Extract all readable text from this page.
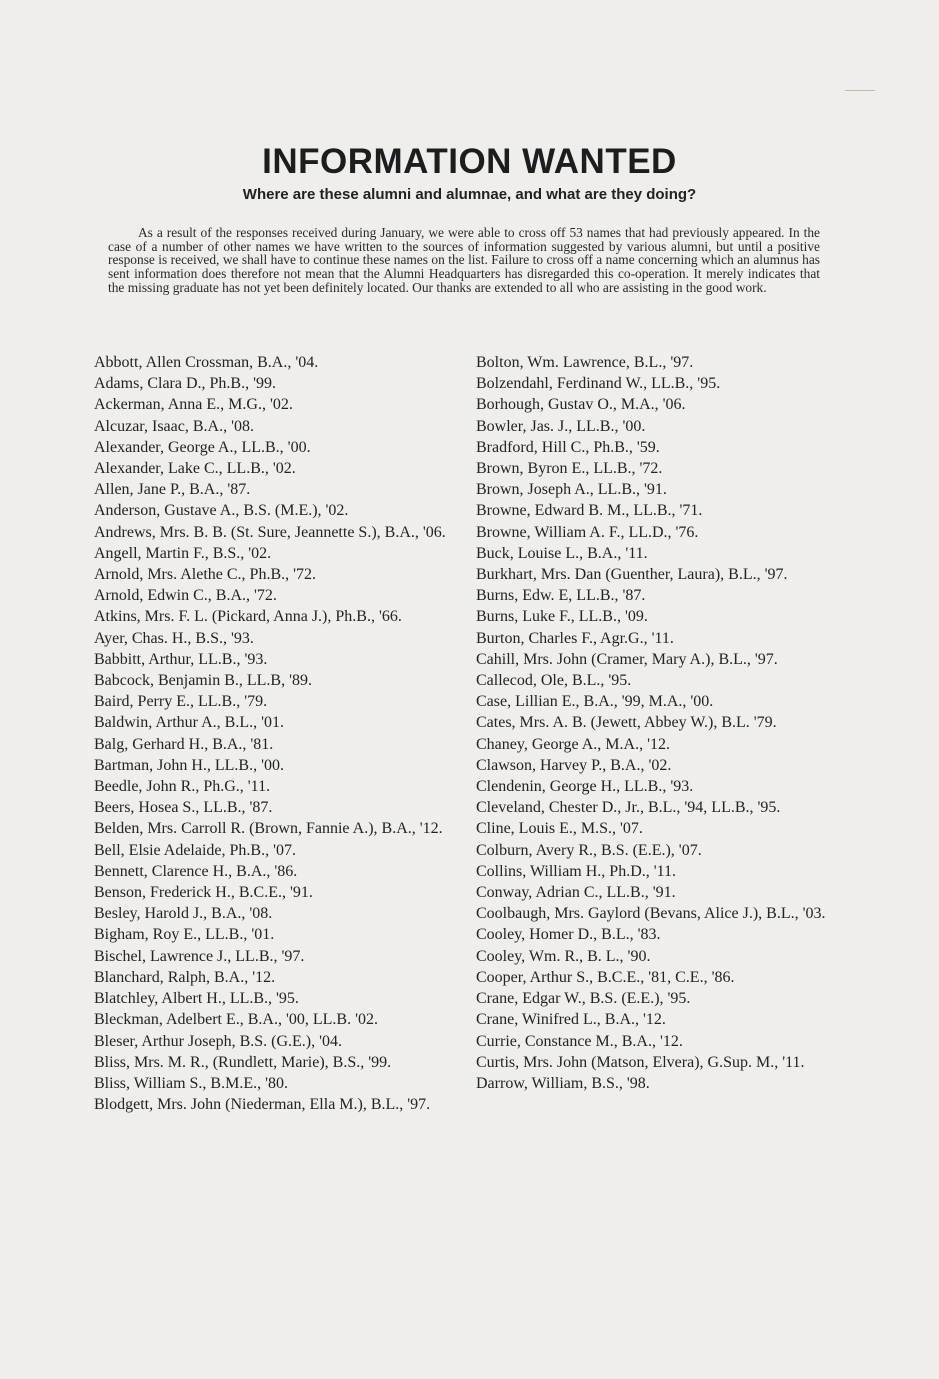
INFORMATION WANTED
Where are these alumni and alumnae, and what are they doing?

As a result of the responses received during January, we were able to cross off 53 names that had previously appeared. In the case of a number of other names we have written to the sources of information suggested by various alumni, but until a positive response is received, we shall have to continue these names on the list. Failure to cross off a name concerning which an alumnus has sent information does therefore not mean that the Alumni Headquarters has disregarded this co-operation. It merely indicates that the missing graduate has not yet been definitely located. Our thanks are extended to all who are assisting in the good work.

Abbott, Allen Crossman, B.A., '04.
Adams, Clara D., Ph.B., '99.
Ackerman, Anna E., M.G., '02.
Alcuzar, Isaac, B.A., '08.
Alexander, George A., LL.B., '00.
Alexander, Lake C., LL.B., '02.
Allen, Jane P., B.A., '87.
Anderson, Gustave A., B.S. (M.E.), '02.
Andrews, Mrs. B. B. (St. Sure, Jeannette S.), B.A., '06.
Angell, Martin F., B.S., '02.
Arnold, Mrs. Alethe C., Ph.B., '72.
Arnold, Edwin C., B.A., '72.
Atkins, Mrs. F. L. (Pickard, Anna J.), Ph.B., '66.
Ayer, Chas. H., B.S., '93.
Babbitt, Arthur, LL.B., '93.
Babcock, Benjamin B., LL.B, '89.
Baird, Perry E., LL.B., '79.
Baldwin, Arthur A., B.L., '01.
Balg, Gerhard H., B.A., '81.
Bartman, John H., LL.B., '00.
Beedle, John R., Ph.G., '11.
Beers, Hosea S., LL.B., '87.
Belden, Mrs. Carroll R. (Brown, Fannie A.), B.A., '12.
Bell, Elsie Adelaide, Ph.B., '07.
Bennett, Clarence H., B.A., '86.
Benson, Frederick H., B.C.E., '91.
Besley, Harold J., B.A., '08.
Bigham, Roy E., LL.B., '01.
Bischel, Lawrence J., LL.B., '97.
Blanchard, Ralph, B.A., '12.
Blatchley, Albert H., LL.B., '95.
Bleckman, Adelbert E., B.A., '00, LL.B. '02.
Bleser, Arthur Joseph, B.S. (G.E.), '04.
Bliss, Mrs. M. R., (Rundlett, Marie), B.S., '99.
Bliss, William S., B.M.E., '80.
Blodgett, Mrs. John (Niederman, Ella M.), B.L., '97.
Bolton, Wm. Lawrence, B.L., '97.
Bolzendahl, Ferdinand W., LL.B., '95.
Borhough, Gustav O., M.A., '06.
Bowler, Jas. J., LL.B., '00.
Bradford, Hill C., Ph.B., '59.
Brown, Byron E., LL.B., '72.
Brown, Joseph A., LL.B., '91.
Browne, Edward B. M., LL.B., '71.
Browne, William A. F., LL.D., '76.
Buck, Louise L., B.A., '11.
Burkhart, Mrs. Dan (Guenther, Laura), B.L., '97.
Burns, Edw. E, LL.B., '87.
Burns, Luke F., LL.B., '09.
Burton, Charles F., Agr.G., '11.
Cahill, Mrs. John (Cramer, Mary A.), B.L., '97.
Callecod, Ole, B.L., '95.
Case, Lillian E., B.A., '99, M.A., '00.
Cates, Mrs. A. B. (Jewett, Abbey W.), B.L. '79.
Chaney, George A., M.A., '12.
Clawson, Harvey P., B.A., '02.
Clendenin, George H., LL.B., '93.
Cleveland, Chester D., Jr., B.L., '94, LL.B., '95.
Cline, Louis E., M.S., '07.
Colburn, Avery R., B.S. (E.E.), '07.
Collins, William H., Ph.D., '11.
Conway, Adrian C., LL.B., '91.
Coolbaugh, Mrs. Gaylord (Bevans, Alice J.), B.L., '03.
Cooley, Homer D., B.L., '83.
Cooley, Wm. R., B. L., '90.
Cooper, Arthur S., B.C.E., '81, C.E., '86.
Crane, Edgar W., B.S. (E.E.), '95.
Crane, Winifred L., B.A., '12.
Currie, Constance M., B.A., '12.
Curtis, Mrs. John (Matson, Elvera), G.Sup. M., '11.
Darrow, William, B.S., '98.
